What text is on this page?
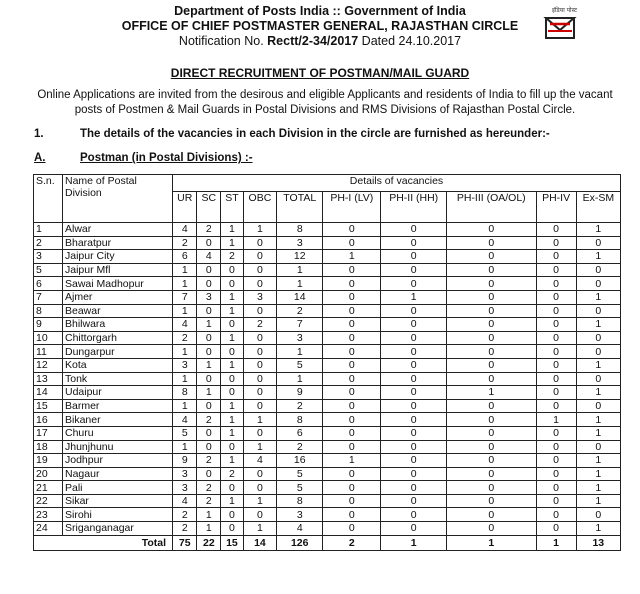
Department of Posts India :: Government of India
OFFICE OF CHIEF POSTMASTER GENERAL, RAJASTHAN CIRCLE
Notification No. Rectt/2-34/2017 Dated 24.10.2017
इंडिया पोस्ट
DIRECT RECRUITMENT OF POSTMAN/MAIL GUARD
Online Applications are invited from the desirous and eligible Applicants and residents of India to fill up the vacant posts of Postmen & Mail Guards in Postal Divisions and RMS Divisions of Rajasthan Postal Circle.
1.	The details of the vacancies in each Division in the circle are furnished as hereunder:-
A.	Postman (in Postal Divisions) :-
S.n.	Name of Postal Division	Details of vacancies									
		UR	SC	ST	OBC	TOTAL	PH-I (LV)	PH-II (HH)	PH-III (OA/OL)	PH-IV	Ex-SM
1	Alwar	4	2	1	1	8	0	0	0	0	1
2	Bharatpur	2	0	1	0	3	0	0	0	0	0
3	Jaipur City	6	4	2	0	12	1	0	0	0	1
5	Jaipur Mfl	1	0	0	0	1	0	0	0	0	0
6	Sawai Madhopur	1	0	0	0	1	0	0	0	0	0
7	Ajmer	7	3	1	3	14	0	1	0	0	1
8	Beawar	1	0	1	0	2	0	0	0	0	0
9	Bhilwara	4	1	0	2	7	0	0	0	0	1
10	Chittorgarh	2	0	1	0	3	0	0	0	0	0
11	Dungarpur	1	0	0	0	1	0	0	0	0	0
12	Kota	3	1	1	0	5	0	0	0	0	1
13	Tonk	1	0	0	0	1	0	0	0	0	0
14	Udaipur	8	1	0	0	9	0	0	1	0	1
15	Barmer	1	0	1	0	2	0	0	0	0	0
16	Bikaner	4	2	1	1	8	0	0	0	1	1
17	Churu	5	0	1	0	6	0	0	0	0	1
18	Jhunjhunu	1	0	0	1	2	0	0	0	0	0
19	Jodhpur	9	2	1	4	16	1	0	0	0	1
20	Nagaur	3	0	2	0	5	0	0	0	0	1
21	Pali	3	2	0	0	5	0	0	0	0	1
22	Sikar	4	2	1	1	8	0	0	0	0	1
23	Sirohi	2	1	0	0	3	0	0	0	0	0
24	Sriganganagar	2	1	0	1	4	0	0	0	0	1
Total		75	22	15	14	126	2	1	1	1	13
